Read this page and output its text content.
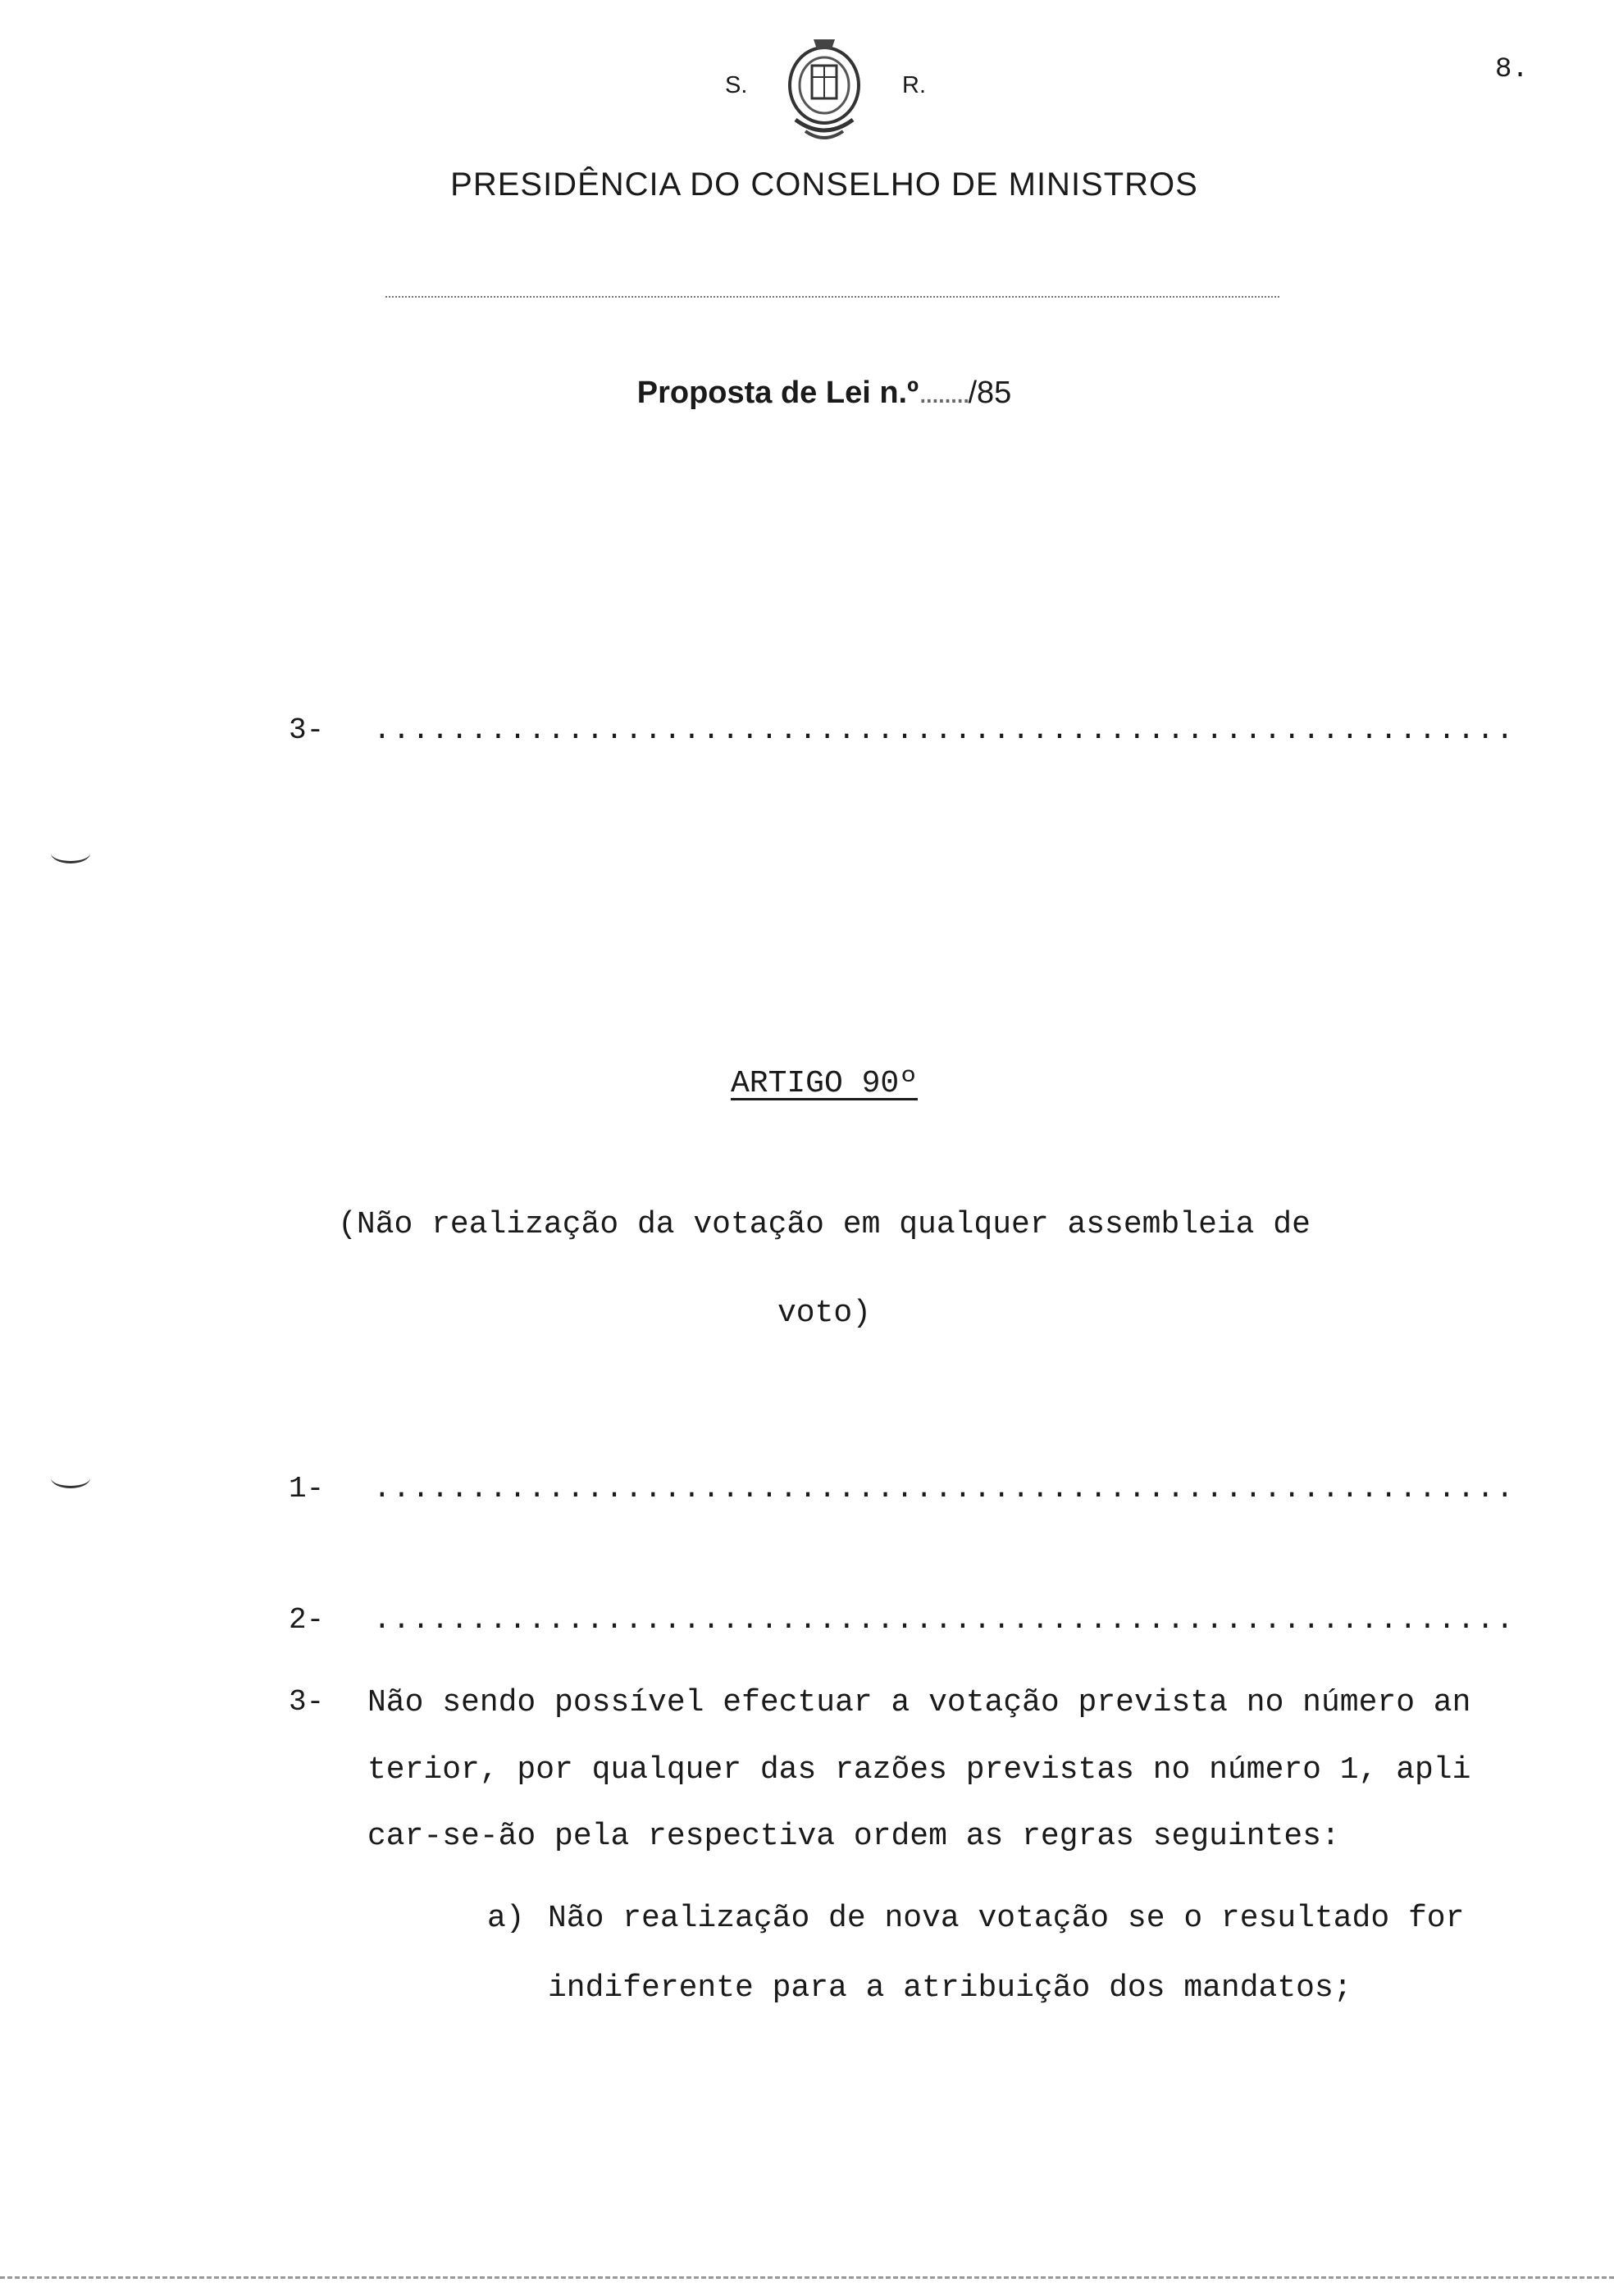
8.
S.	R.
PRESIDÊNCIA DO CONSELHO DE MINISTROS
Proposta de Lei n.º......../85
3- ...........................................................
ARTIGO 90º
(Não realização da votação em qualquer assembleia de
voto)
1- ...........................................................
2- ...........................................................
3- Não sendo possível efectuar a votação prevista no número an
terior, por qualquer das razões previstas no número 1, apli
car-se-ão pela respectiva ordem as regras seguintes:
a) Não realização de nova votação se o resultado for
indiferente para a atribuição dos mandatos;
